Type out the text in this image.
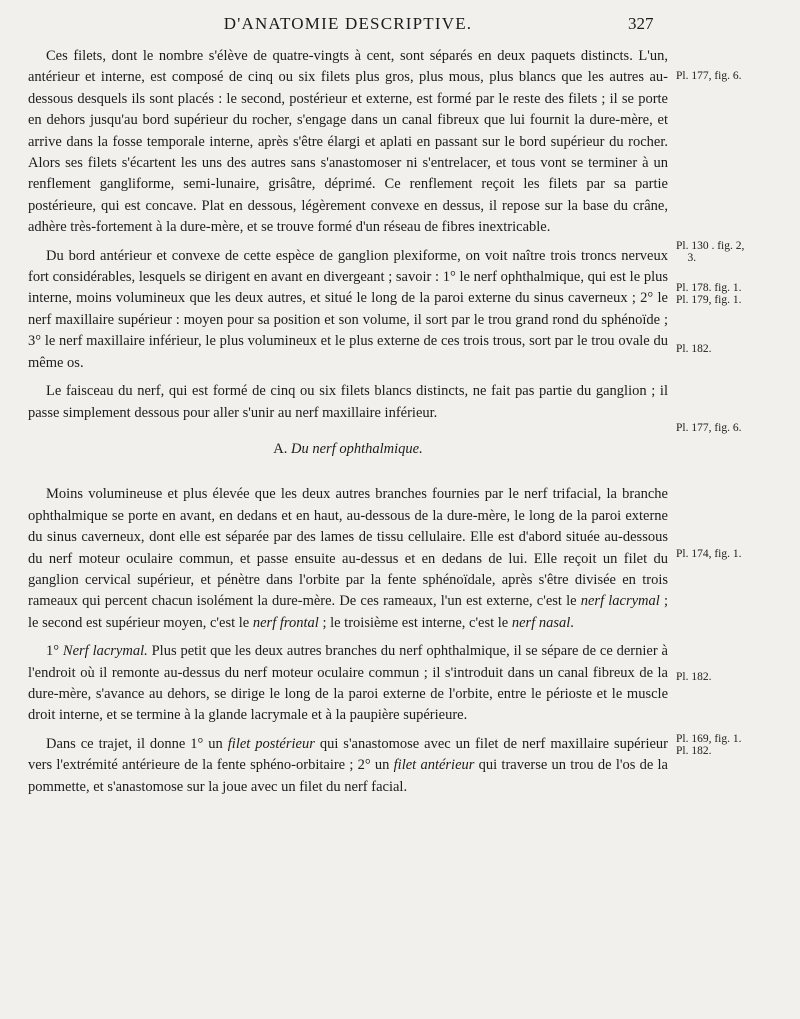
D'ANATOMIE DESCRIPTIVE.	327

Ces filets, dont le nombre s'élève de quatre-vingts à cent, sont séparés en deux paquets distincts. L'un, antérieur et interne, est composé de cinq ou six filets plus gros, plus mous, plus blancs que les autres au-dessous desquels ils sont placés : le second, postérieur et externe, est formé par le reste des filets ; il se porte en dehors jusqu'au bord supérieur du rocher, s'engage dans un canal fibreux que lui fournit la dure-mère, et arrive dans la fosse temporale interne, après s'être élargi et aplati en passant sur le bord supérieur du rocher. Alors ses filets s'écartent les uns des autres sans s'anastomoser ni s'entrelacer, et tous vont se terminer à un renflement gangliforme, semi-lunaire, grisâtre, déprimé. Ce renflement reçoit les filets par sa partie postérieure, qui est concave. Plat en dessous, légèrement convexe en dessus, il repose sur la base du crâne, adhère très-fortement à la dure-mère, et se trouve formé d'un réseau de fibres inextricable.

Du bord antérieur et convexe de cette espèce de ganglion plexiforme, on voit naître trois troncs nerveux fort considérables, lesquels se dirigent en avant en divergeant ; savoir : 1° le nerf ophthalmique, qui est le plus interne, moins volumineux que les deux autres, et situé le long de la paroi externe du sinus caverneux ; 2° le nerf maxillaire supérieur : moyen pour sa position et son volume, il sort par le trou grand rond du sphénoïde ; 3° le nerf maxillaire inférieur, le plus volumineux et le plus externe de ces trois trous, sort par le trou ovale du même os.

Le faisceau du nerf, qui est formé de cinq ou six filets blancs distincts, ne fait pas partie du ganglion ; il passe simplement dessous pour aller s'unir au nerf maxillaire inférieur.

A. Du nerf ophthalmique.

Moins volumineuse et plus élevée que les deux autres branches fournies par le nerf trifacial, la branche ophthalmique se porte en avant, en dedans et en haut, au-dessous de la dure-mère, le long de la paroi externe du sinus caverneux, dont elle est séparée par des lames de tissu cellulaire. Elle est d'abord située au-dessous du nerf moteur oculaire commun, et passe ensuite au-dessus et en dedans de lui. Elle reçoit un filet du ganglion cervical supérieur, et pénètre dans l'orbite par la fente sphénoïdale, après s'être divisée en trois rameaux qui percent chacun isolément la dure-mère. De ces rameaux, l'un est externe, c'est le nerf lacrymal ; le second est supérieur moyen, c'est le nerf frontal ; le troisième est interne, c'est le nerf nasal.

1° Nerf lacrymal. Plus petit que les deux autres branches du nerf ophthalmique, il se sépare de ce dernier à l'endroit où il remonte au-dessus du nerf moteur oculaire commun ; il s'introduit dans un canal fibreux de la dure-mère, s'avance au dehors, se dirige le long de la paroi externe de l'orbite, entre le périoste et le muscle droit interne, et se termine à la glande lacrymale et à la paupière supérieure.

Dans ce trajet, il donne 1° un filet postérieur qui s'anastomose avec un filet de nerf maxillaire supérieur vers l'extrémité antérieure de la fente sphéno-orbitaire ; 2° un filet antérieur qui traverse un trou de l'os de la pommette, et s'anastomose sur la joue avec un filet du nerf facial.

Pl. 177, fig. 6.
Pl. 130 . fig. 2,
3.
Pl. 178. fig. 1.
Pl. 179, fig. 1.
Pl. 182.
Pl. 177, fig. 6.
Pl. 174, fig. 1.
Pl. 182.
Pl. 169, fig. 1.
Pl. 182.
